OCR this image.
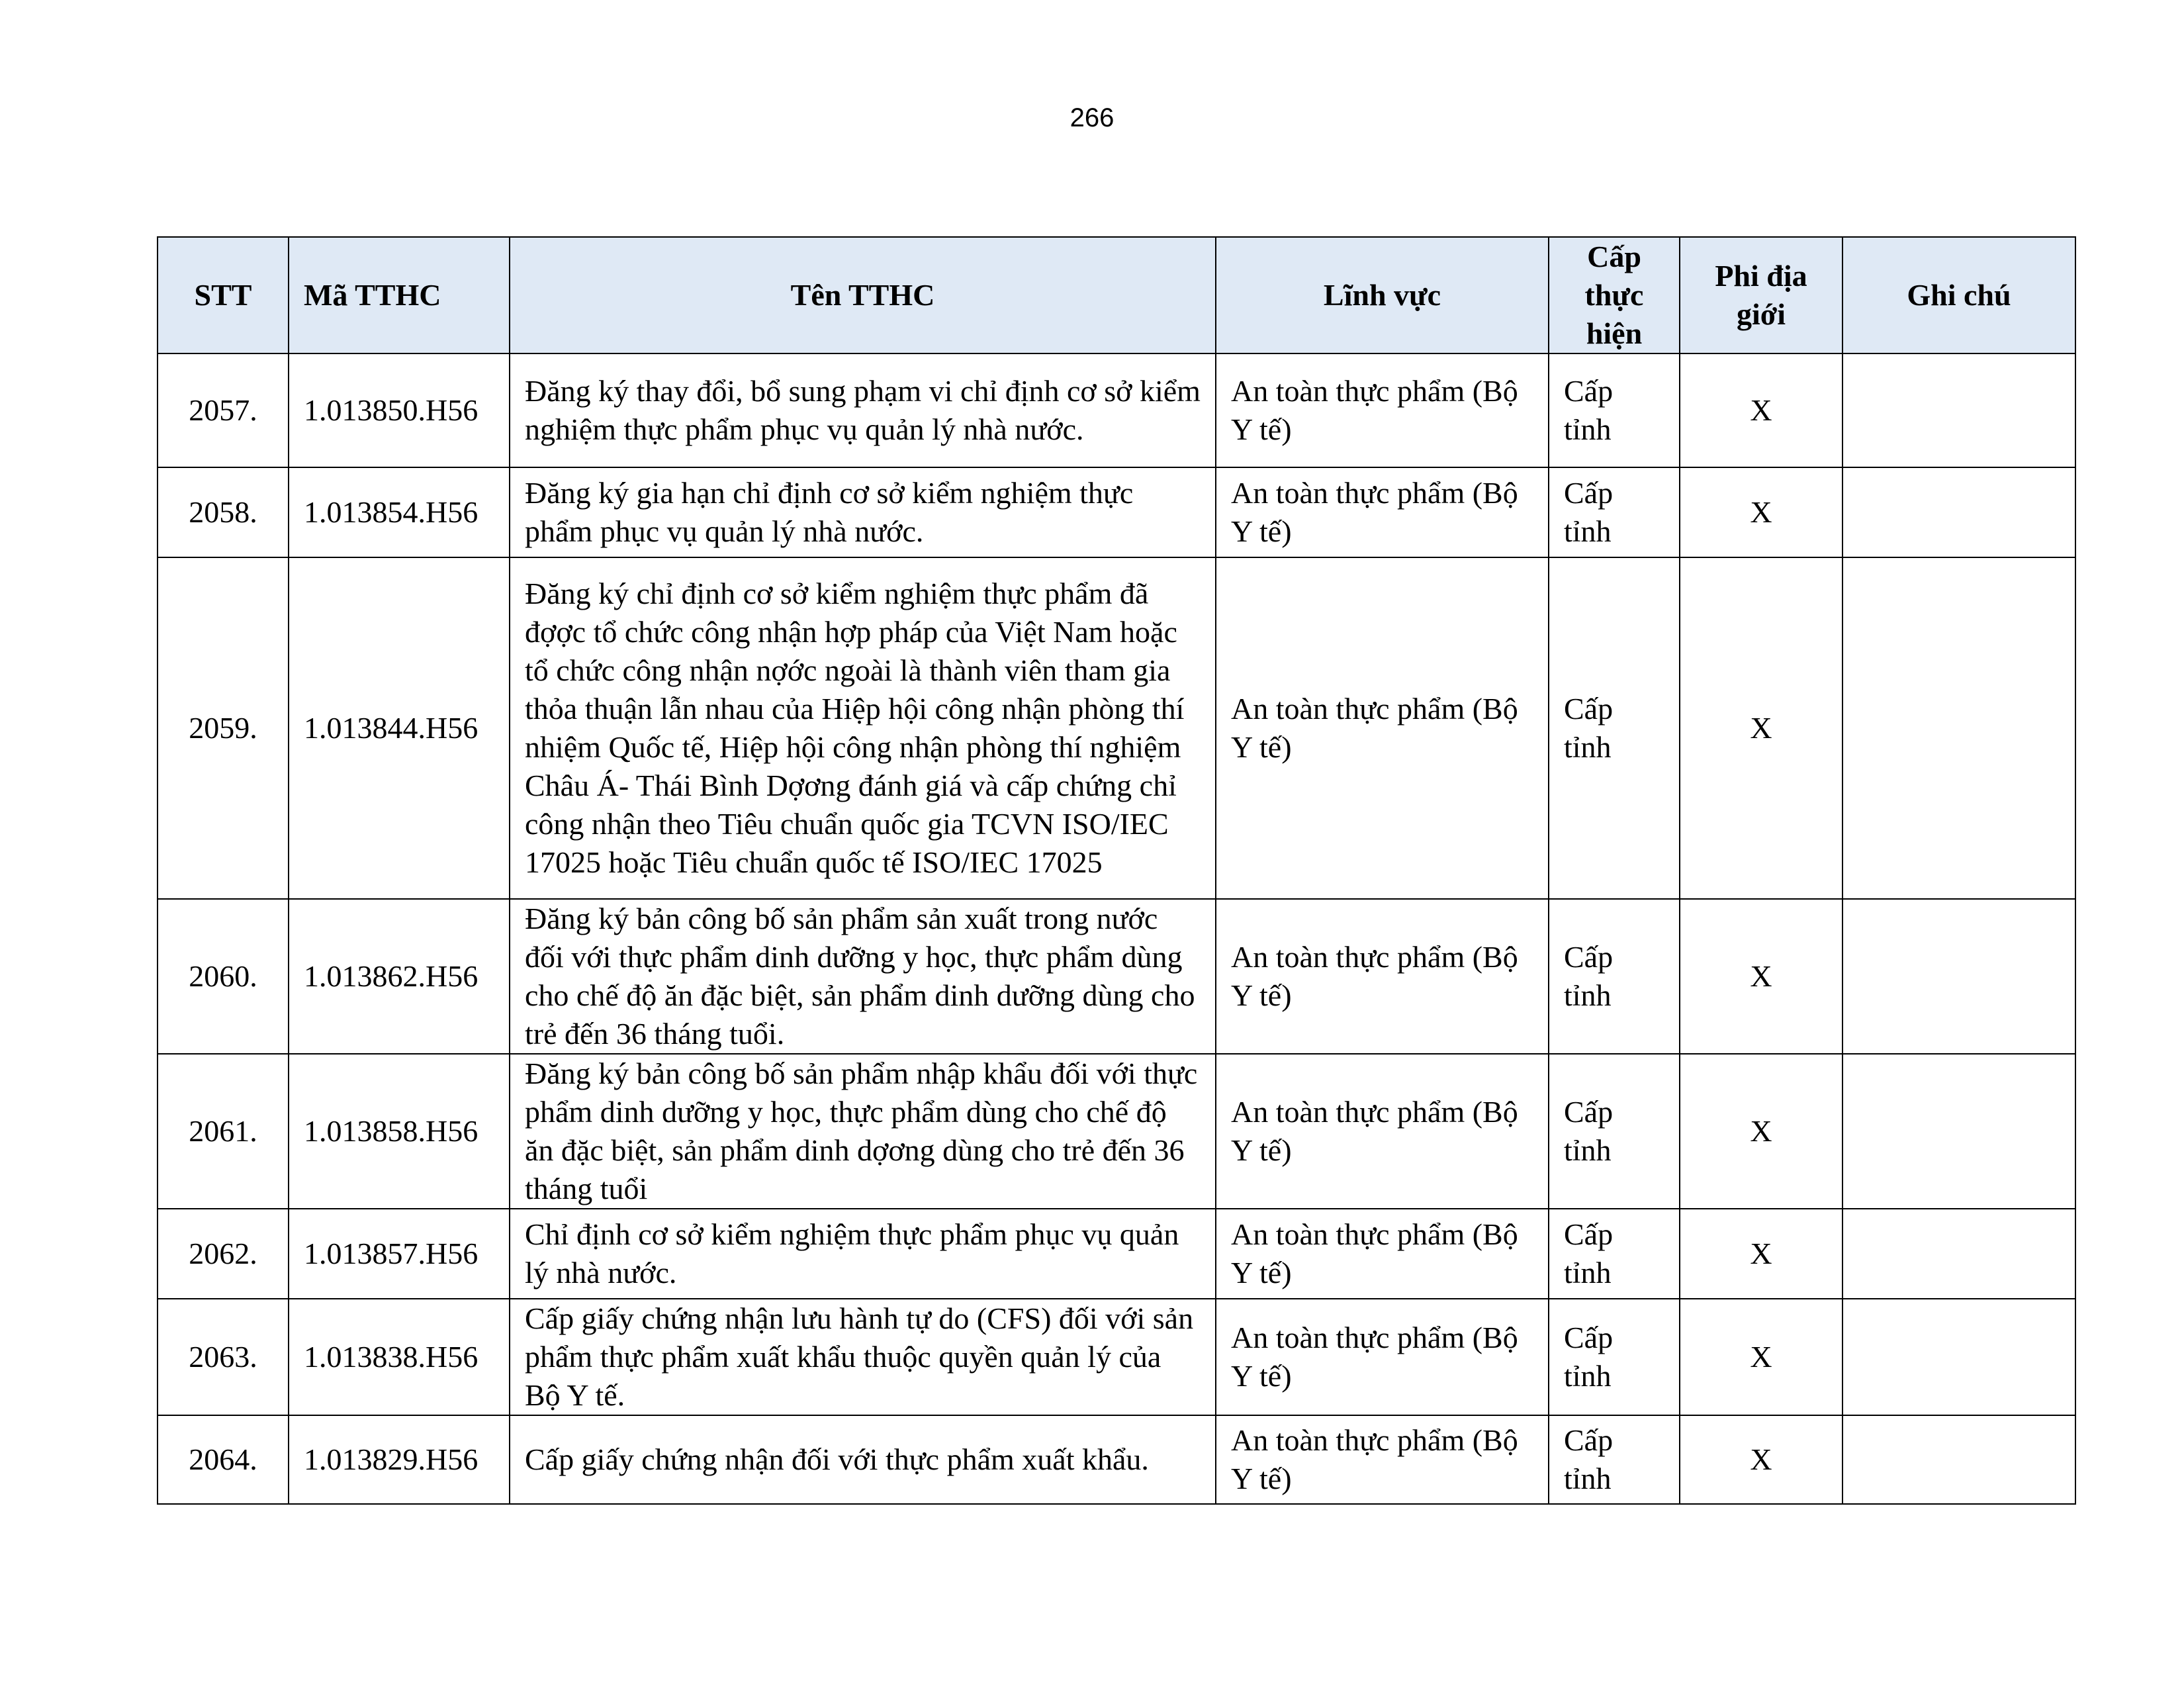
266
STT	Mã TTHC	Tên TTHC	Lĩnh vực	Cấp thực hiện	Phi địa giới	Ghi chú
2057.	1.013850.H56	Đăng ký thay đổi, bổ sung phạm vi chỉ định cơ sở kiểm nghiệm thực phẩm phục vụ quản lý nhà nước.	An toàn thực phẩm (Bộ Y tế)	Cấp tỉnh	X	
2058.	1.013854.H56	Đăng ký gia hạn chỉ định cơ sở kiểm nghiệm thực phẩm phục vụ quản lý nhà nước.	An toàn thực phẩm (Bộ Y tế)	Cấp tỉnh	X	
2059.	1.013844.H56	Đăng ký chỉ định cơ sở kiểm nghiệm thực phẩm đã đợợc tổ chức công nhận hợp pháp của Việt Nam hoặc tổ chức công nhận nợớc ngoài là thành viên tham gia thỏa thuận lẫn nhau của Hiệp hội công nhận phòng thí nhiệm Quốc tế, Hiệp hội công nhận phòng thí nghiệm Châu Á- Thái Bình Dợơng đánh giá và cấp chứng chỉ công nhận theo Tiêu chuẩn quốc gia TCVN ISO/IEC 17025 hoặc Tiêu chuẩn quốc tế ISO/IEC 17025	An toàn thực phẩm (Bộ Y tế)	Cấp tỉnh	X	
2060.	1.013862.H56	Đăng ký bản công bố sản phẩm sản xuất trong nước đối với thực phẩm dinh dưỡng y học, thực phẩm dùng cho chế độ ăn đặc biệt, sản phẩm dinh dưỡng dùng cho trẻ đến 36 tháng tuổi.	An toàn thực phẩm (Bộ Y tế)	Cấp tỉnh	X	
2061.	1.013858.H56	Đăng ký bản công bố sản phẩm nhập khẩu đối với thực phẩm dinh dưỡng y học, thực phẩm dùng cho chế độ ăn đặc biệt, sản phẩm dinh dợơng dùng cho trẻ đến 36 tháng tuổi	An toàn thực phẩm (Bộ Y tế)	Cấp tỉnh	X	
2062.	1.013857.H56	Chỉ định cơ sở kiểm nghiệm thực phẩm phục vụ quản lý nhà nước.	An toàn thực phẩm (Bộ Y tế)	Cấp tỉnh	X	
2063.	1.013838.H56	Cấp giấy chứng nhận lưu hành tự do (CFS) đối với sản phẩm thực phẩm xuất khẩu thuộc quyền quản lý của Bộ Y tế.	An toàn thực phẩm (Bộ Y tế)	Cấp tỉnh	X	
2064.	1.013829.H56	Cấp giấy chứng nhận đối với thực phẩm xuất khẩu.	An toàn thực phẩm (Bộ Y tế)	Cấp tỉnh	X	
